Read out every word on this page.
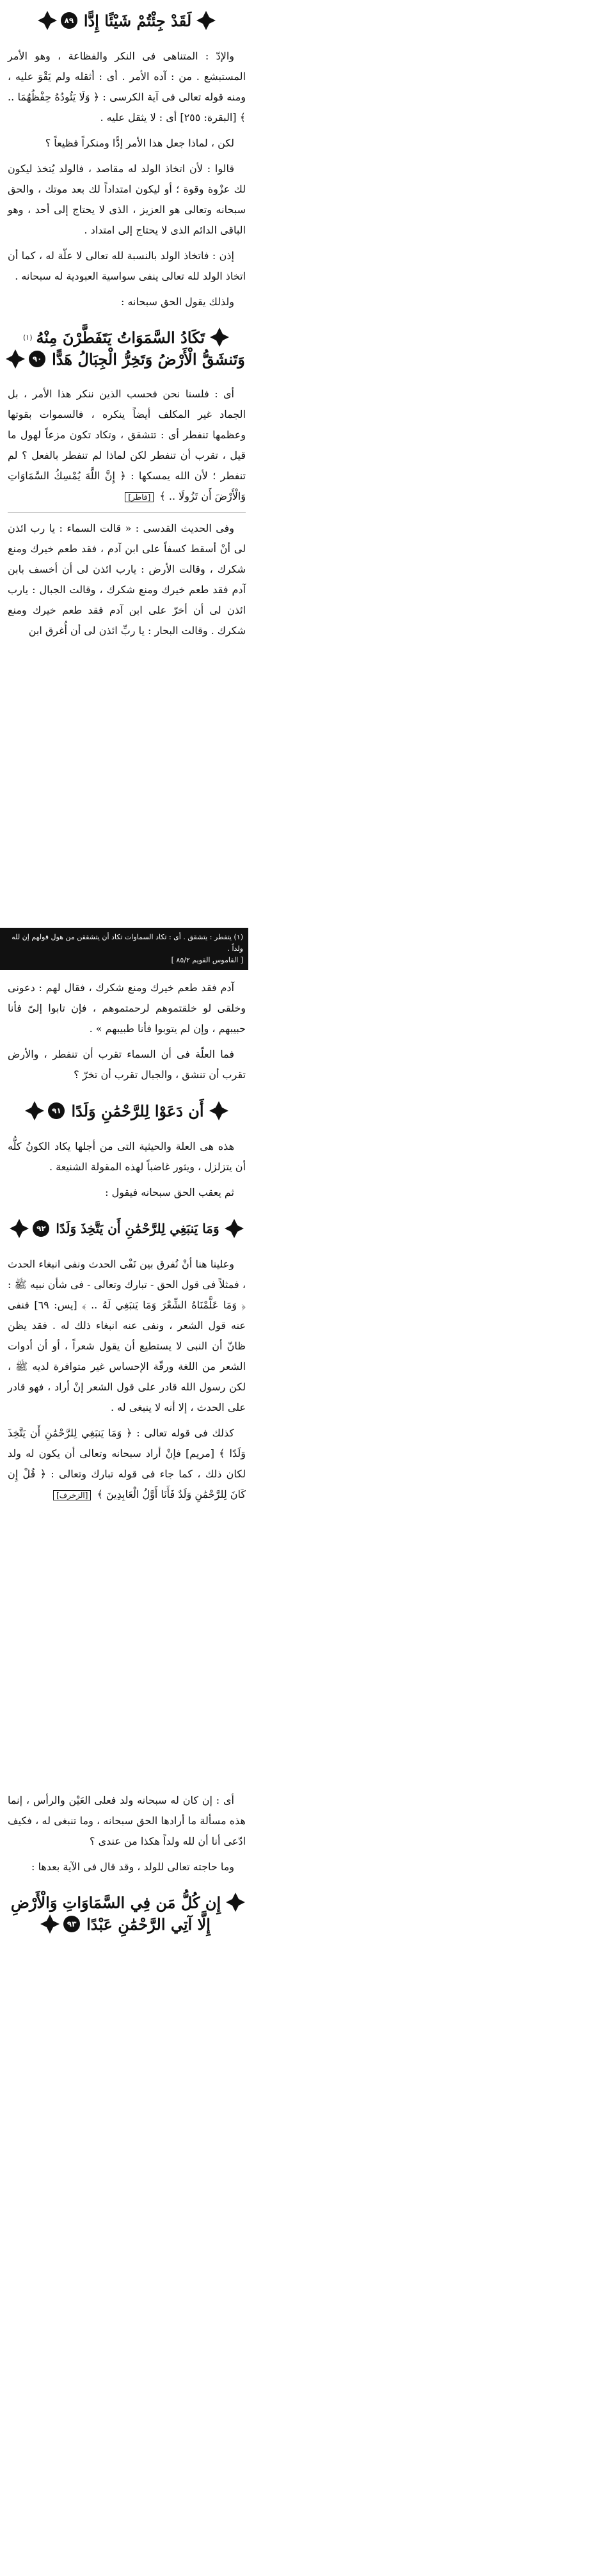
لَقَدْ جِئْتُمْ شَيْئًا إِدًّا
٨٩

والإدّ : المتناهى فى النكر والفظاعة ، وهو الأمر المستبشع . من : آده الأمر . أى : أثقله ولم يَقْوَ عليه ، ومنه قوله تعالى فى آية الكرسى : ﴿ وَلَا يَئُودُهُ حِفْظُهُمَا .. ﴾ [البقرة: ٢٥٥] أى : لا يثقل عليه .

لكن ، لماذا جعل هذا الأمر إدًّا ومنكراً فظيعاً ؟

قالوا : لأن اتخاذ الولد له مقاصد ، فالولد يُتخذ ليكون لك عزْوة وقوة ؛ أو ليكون امتداداً لك بعد موتك ، والحق سبحانه وتعالى هو العزيز ، الذى لا يحتاج إلى أحد ، وهو الباقى الدائم الذى لا يحتاج إلى امتداد .

إذن : فاتخاذ الولد بالنسبة لله تعالى لا علّة له ، كما أن اتخاذ الولد لله تعالى ينفى سواسية العبودية له سبحانه .

ولذلك يقول الحق سبحانه :

تَكَادُ السَّمَوَاتُ يَتَفَطَّرْنَ مِنْهُ
(١)
وَتَنشَقُّ الْأَرْضُ وَتَخِرُّ الْجِبَالُ هَدًّا
٩٠

أى : فلسنا نحن فحسب الذين ننكر هذا الأمر ، بل الجماد غير المكلف أيضاً ينكره ، فالسموات بقوتها وعظمها تنفطر أى : تتشقق ، وتكاد تكون مزعاً لهول ما قيل ، تقرب أن تنفطر لكن لماذا لم تنفطر بالفعل ؟ لم تنفطر ؛ لأن الله يمسكها : ﴿ إِنَّ اللَّهَ يُمْسِكُ السَّمَاوَاتِ وَالْأَرْضَ أَن تَزُولَا .. ﴾ [فاطر]

وفى الحديث القدسى : « قالت السماء : يا رب ائذن لى أنْ أسقط كسفاً على ابن آدم ، فقد طعم خيرك ومنع شكرك ، وقالت الأرض : يارب ائذن لى أن أخسف بابن آدم فقد طعم خيرك ومنع شكرك ، وقالت الجبال : يارب ائذن لى أن أخرّ على ابن آدم فقد طعم خيرك ومنع شكرك . وقالت البحار : يا ربِّ ائذن لى أن أُغرق ابن

(١) يتفطر : يتشقق . أى : تكاد السماوات تكاد أن يتشققن من هول قولهم إن لله ولداً .
[ القاموس القويم ٨٥/٢ ]

آدم فقد طعم خيرك ومنع شكرك ، فقال لهم : دعونى وخلقى لو خلقتموهم لرحمتموهم ، فإن تابوا إلىّ فأنا حبيبهم ، وإن لم يتوبوا فأنا طبيبهم » .

فما العلّة فى أن السماء تقرب أن تنفطر ، والأرض تقرب أن تنشق ، والجبال تقرب أن تخرّ ؟

أَن دَعَوْا لِلرَّحْمَٰنِ وَلَدًا
٩١

هذه هى العلة والحيثية التى من أجلها يكاد الكونُ كلُّه أن يتزلزل ، ويثور غاضباً لهذه المقولة الشنيعة .

ثم يعقب الحق سبحانه فيقول :

وَمَا يَنبَغِي لِلرَّحْمَٰنِ أَن يَتَّخِذَ وَلَدًا
٩٢

وعلينا هنا أنْ نُفرق بين نَفْى الحدث ونفى انبغاء الحدث ، فمثلاً فى قول الحق - تبارك وتعالى - فى شأن نبيه ﷺ : ﴿ وَمَا عَلَّمْنَاهُ الشِّعْرَ وَمَا يَنبَغِي لَهُ .. ﴾ [يس: ٦٩] فنفى عنه قول الشعر ، ونفى عنه انبغاء ذلك له . فقد يظن ظانّ أن النبى لا يستطيع أن يقول شعراً ، أو أن أدوات الشعر من اللغة ورقّة الإحساس غير متوافرة لديه ﷺ ، لكن رسول الله قادر على قول الشعر إنْ أراد ، فهو قادر على الحدث ، إلا أنه لا ينبغى له .

كذلك فى قوله تعالى : ﴿ وَمَا يَنبَغِي لِلرَّحْمَٰنِ أَن يَتَّخِذَ وَلَدًا ﴾ [مريم] فإنْ أراد سبحانه وتعالى أن يكون له ولد لكان ذلك ، كما جاء فى قوله تبارك وتعالى : ﴿ قُلْ إِن كَانَ لِلرَّحْمَٰنِ وَلَدٌ فَأَنَا أَوَّلُ الْعَابِدِينَ ﴾ [الزخرف]

أى : إن كان له سبحانه ولد فعلى العَيْن والرأس ، إنما هذه مسألة ما أرادها الحق سبحانه ، وما تنبغى له ، فكيف ادّعى أنا أن لله ولداً هكذا من عندى ؟

وما حاجته تعالى للولد ، وقد قال فى الآية بعدها :

إِن كُلُّ مَن فِي السَّمَاوَاتِ وَالْأَرْضِ
إِلَّا آتِي الرَّحْمَٰنِ عَبْدًا
٩٣
